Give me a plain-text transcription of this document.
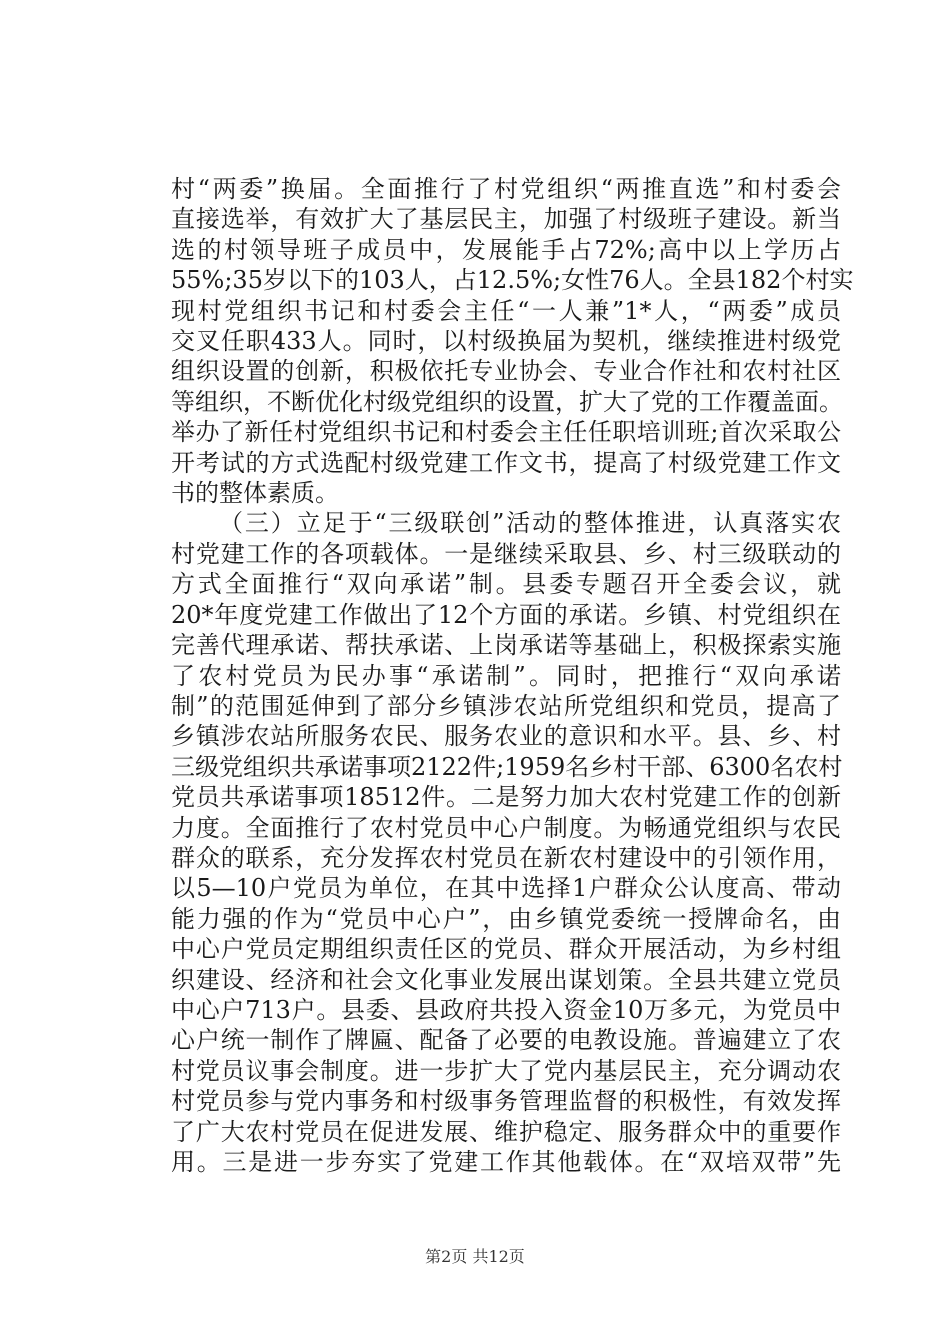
村“两委”换届。全面推行了村党组织“两推直选”和村委会
直接选举，有效扩大了基层民主，加强了村级班子建设。新当
选的村领导班子成员中，发展能手占72%;高中以上学历占
55%;35岁以下的103人，占12.5%;女性76人。全县182个村实
现村党组织书记和村委会主任“一人兼”1*人，“两委”成员
交叉任职433人。同时，以村级换届为契机，继续推进村级党
组织设置的创新，积极依托专业协会、专业合作社和农村社区
等组织，不断优化村级党组织的设置，扩大了党的工作覆盖面。
举办了新任村党组织书记和村委会主任任职培训班;首次采取公
开考试的方式选配村级党建工作文书，提高了村级党建工作文
书的整体素质。
（三）立足于“三级联创”活动的整体推进，认真落实农
村党建工作的各项载体。一是继续采取县、乡、村三级联动的
方式全面推行“双向承诺”制。县委专题召开全委会议，就
20*年度党建工作做出了12个方面的承诺。乡镇、村党组织在
完善代理承诺、帮扶承诺、上岗承诺等基础上，积极探索实施
了农村党员为民办事“承诺制”。同时，把推行“双向承诺
制”的范围延伸到了部分乡镇涉农站所党组织和党员，提高了
乡镇涉农站所服务农民、服务农业的意识和水平。县、乡、村
三级党组织共承诺事项2122件;1959名乡村干部、6300名农村
党员共承诺事项18512件。二是努力加大农村党建工作的创新
力度。全面推行了农村党员中心户制度。为畅通党组织与农民
群众的联系，充分发挥农村党员在新农村建设中的引领作用，
以5—10户党员为单位，在其中选择1户群众公认度高、带动
能力强的作为“党员中心户”，由乡镇党委统一授牌命名，由
中心户党员定期组织责任区的党员、群众开展活动，为乡村组
织建设、经济和社会文化事业发展出谋划策。全县共建立党员
中心户713户。县委、县政府共投入资金10万多元，为党员中
心户统一制作了牌匾、配备了必要的电教设施。普遍建立了农
村党员议事会制度。进一步扩大了党内基层民主，充分调动农
村党员参与党内事务和村级事务管理监督的积极性，有效发挥
了广大农村党员在促进发展、维护稳定、服务群众中的重要作
用。三是进一步夯实了党建工作其他载体。在“双培双带”先
第2页 共12页
